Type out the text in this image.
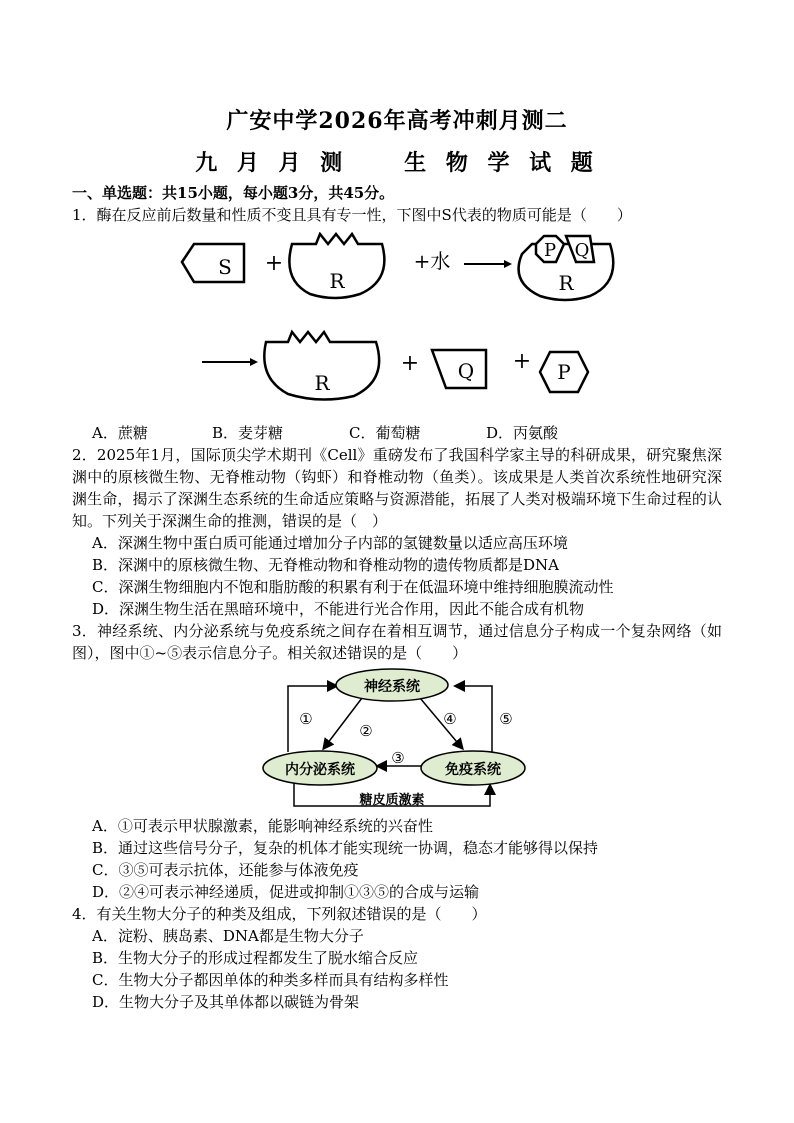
广安中学2026年高考冲刺月测二
九 月 月 测　　生 物 学 试 题
一、单选题：共15小题，每小题3分，共45分。
1．酶在反应前后数量和性质不变且具有专一性，下图中S代表的物质可能是（　　）
S +
R
+水	P Q
R
R
+ Q + P
A．蔗糖	B．麦芽糖	C．葡萄糖	D．丙氨酸
2．2025年1月，国际顶尖学术期刊《Cell》重磅发布了我国科学家主导的科研成果，研究聚焦深渊中的原核微生物、无脊椎动物（钩虾）和脊椎动物（鱼类）。该成果是人类首次系统性地研究深渊生命，揭示了深渊生态系统的生命适应策略与资源潜能，拓展了人类对极端环境下生命过程的认知。下列关于深渊生命的推测，错误的是（　）
A．深渊生物中蛋白质可能通过增加分子内部的氢键数量以适应高压环境
B．深渊中的原核微生物、无脊椎动物和脊椎动物的遗传物质都是DNA
C．深渊生物细胞内不饱和脂肪酸的积累有利于在低温环境中维持细胞膜流动性
D．深渊生物生活在黑暗环境中，不能进行光合作用，因此不能合成有机物
3．神经系统、内分泌系统与免疫系统之间存在着相互调节，通过信息分子构成一个复杂网络（如图），图中①~⑤表示信息分子。相关叙述错误的是（　　）
神经系统
内分泌系统	免疫系统
①
②
③
④	⑤
糖皮质激素
A．①可表示甲状腺激素，能影响神经系统的兴奋性
B．通过这些信号分子，复杂的机体才能实现统一协调，稳态才能够得以保持
C．③⑤可表示抗体，还能参与体液免疫
D．②④可表示神经递质，促进或抑制①③⑤的合成与运输
4．有关生物大分子的种类及组成，下列叙述错误的是（　　）
A．淀粉、胰岛素、DNA都是生物大分子
B．生物大分子的形成过程都发生了脱水缩合反应
C．生物大分子都因单体的种类多样而具有结构多样性
D．生物大分子及其单体都以碳链为骨架
